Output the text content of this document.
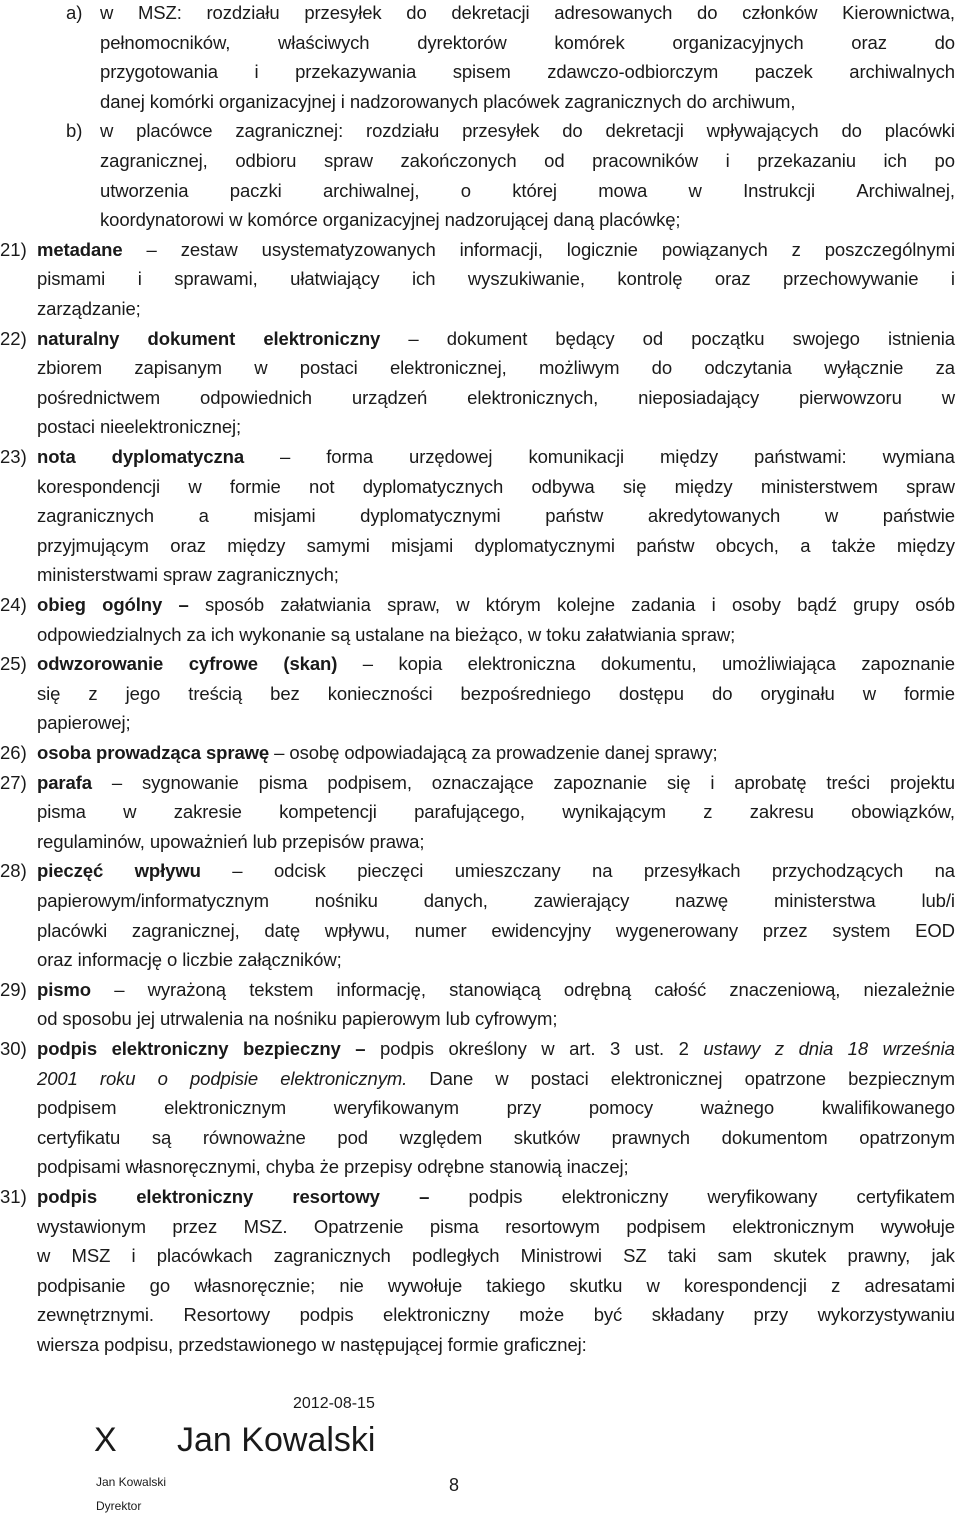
a) w MSZ: rozdziału przesyłek do dekretacji adresowanych do członków Kierownictwa,
pełnomocników,	właściwych	dyrektorów	komórek	organizacyjnych	oraz	do
przygotowania i przekazywania spisem zdawczo-odbiorczym paczek archiwalnych
danej komórki organizacyjnej i nadzorowanych placówek zagranicznych do archiwum,
b) w placówce zagranicznej: rozdziału przesyłek do dekretacji wpływających do placówki
zagranicznej, odbioru spraw zakończonych od pracowników i przekazaniu ich po
utworzenia paczki archiwalnej, o której mowa w Instrukcji Archiwalnej,
koordynatorowi w komórce organizacyjnej nadzorującej daną placówkę;
21) metadane – zestaw usystematyzowanych informacji, logicznie powiązanych z poszczególnymi
pismami i sprawami, ułatwiający ich wyszukiwanie, kontrolę oraz przechowywanie i
zarządzanie;
22) naturalny dokument elektroniczny – dokument będący od początku swojego istnienia
zbiorem zapisanym w postaci elektronicznej, możliwym do odczytania wyłącznie za
pośrednictwem odpowiednich urządzeń elektronicznych, nieposiadający pierwowzoru w
postaci nieelektronicznej;
23) nota dyplomatyczna – forma urzędowej komunikacji między państwami: wymiana
korespondencji w formie not dyplomatycznych odbywa się między ministerstwem spraw
zagranicznych a misjami dyplomatycznymi państw akredytowanych w państwie
przyjmującym oraz między samymi misjami dyplomatycznymi państw obcych, a także między
ministerstwami spraw zagranicznych;
24) obieg ogólny – sposób załatwiania spraw, w którym kolejne zadania i osoby bądź grupy osób
odpowiedzialnych za ich wykonanie są ustalane na bieżąco, w toku załatwiania spraw;
25) odwzorowanie cyfrowe (skan) – kopia elektroniczna dokumentu, umożliwiająca zapoznanie
się z jego treścią bez konieczności bezpośredniego dostępu do oryginału w formie
papierowej;
26) osoba prowadząca sprawę – osobę odpowiadającą za prowadzenie danej sprawy;
27) parafa – sygnowanie pisma podpisem, oznaczające zapoznanie się i aprobatę treści projektu
pisma w zakresie kompetencji parafującego, wynikającym z zakresu obowiązków,
regulaminów, upoważnień lub przepisów prawa;
28) pieczęć wpływu – odcisk pieczęci umieszczany na przesyłkach przychodzących na
papierowym/informatycznym nośniku danych, zawierający nazwę ministerstwa lub/i
placówki zagranicznej, datę wpływu, numer ewidencyjny wygenerowany przez system EOD
oraz informację o liczbie załączników;
29) pismo – wyrażoną tekstem informację, stanowiącą odrębną całość znaczeniową, niezależnie
od sposobu jej utrwalenia na nośniku papierowym lub cyfrowym;
30) podpis elektroniczny bezpieczny – podpis określony w art. 3 ust. 2 ustawy z dnia 18 września
2001 roku o podpisie elektronicznym. Dane w postaci elektronicznej opatrzone bezpiecznym
podpisem	elektronicznym	weryfikowanym	przy	pomocy	ważnego	kwalifikowanego
certyfikatu są równoważne pod względem skutków prawnych dokumentom opatrzonym
podpisami własnoręcznymi, chyba że przepisy odrębne stanowią inaczej;
31) podpis elektroniczny resortowy – podpis elektroniczny weryfikowany certyfikatem
wystawionym przez MSZ. Opatrzenie pisma resortowym podpisem elektronicznym wywołuje
w MSZ i placówkach zagranicznych podległych Ministrowi SZ taki sam skutek prawny, jak
podpisanie go własnoręcznie; nie wywołuje takiego skutku w korespondencji z adresatami
zewnętrznymi. Resortowy podpis elektroniczny może być składany przy wykorzystywaniu
wiersza podpisu, przedstawionego w następującej formie graficznej:
2012-08-15
X Jan Kowalski
Jan Kowalski
Dyrektor
8
